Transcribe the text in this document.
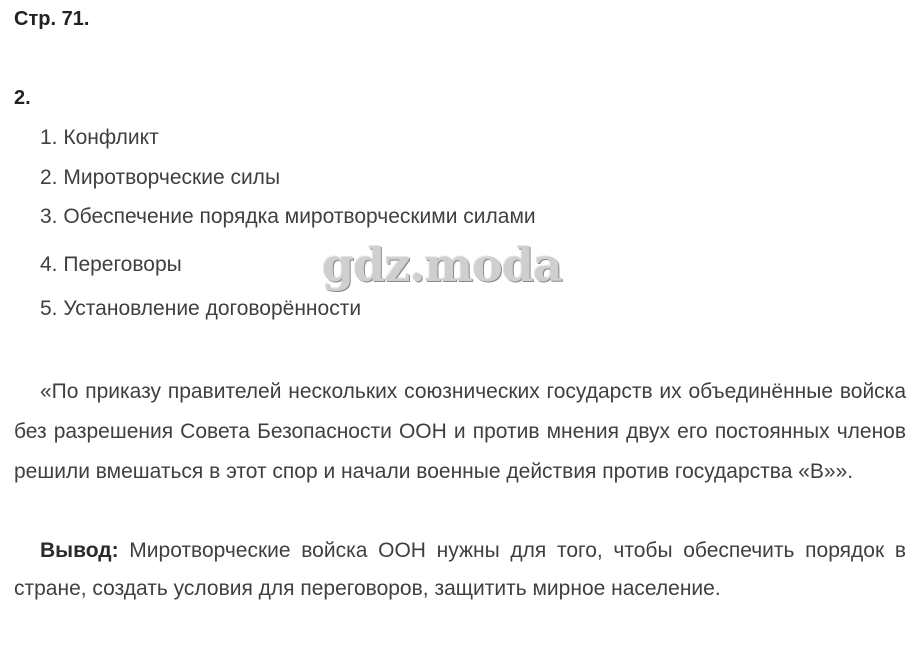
Стр. 71.
2.
1. Конфликт
2. Миротворческие силы
3. Обеспечение порядка миротворческими силами
4. Переговоры
5. Установление договорённости
gdz.moda

«По приказу правителей нескольких союзнических государств их объединённые войска без разрешения Совета Безопасности ООН и против мнения двух его постоянных членов решили вмешаться в этот спор и начали военные действия против государства «В»».

Вывод: Миротворческие войска ООН нужны для того, чтобы обеспечить порядок в стране, создать условия для переговоров, защитить мирное население.
